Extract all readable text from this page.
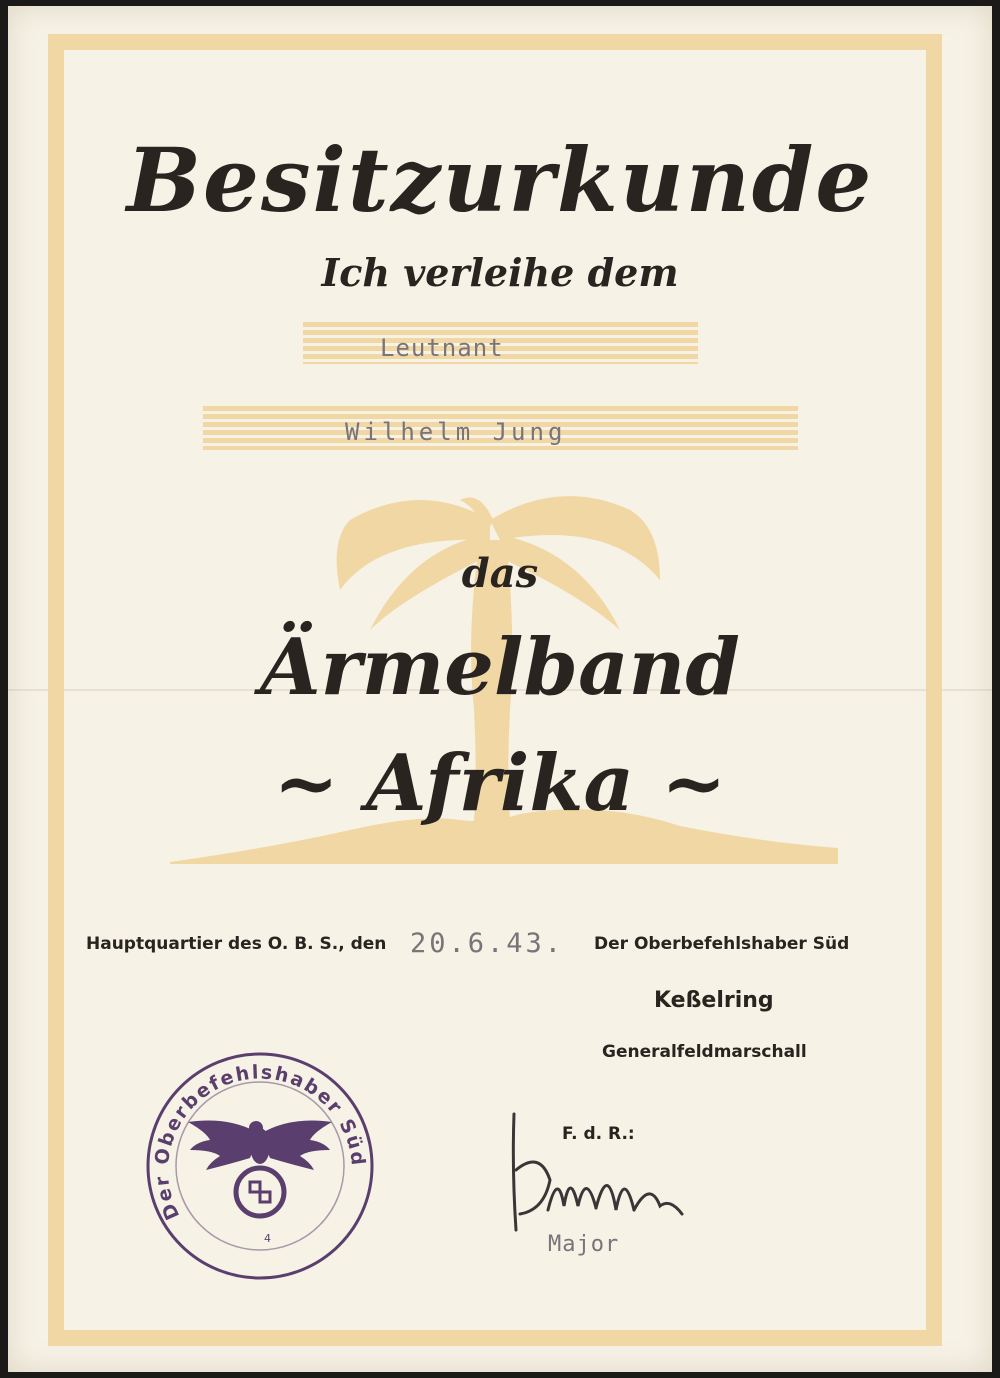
Besitzurkunde
Ich verleihe dem
Leutnant
Wilhelm Jung
das
Ärmelband
~ Afrika ~
Hauptquartier des O. B. S., den 20.6.43. Der Oberbefehlshaber Süd
Keßelring
Generalfeldmarschall
F. d. R.:
Der Oberbefehlshaber Süd
4	Major
